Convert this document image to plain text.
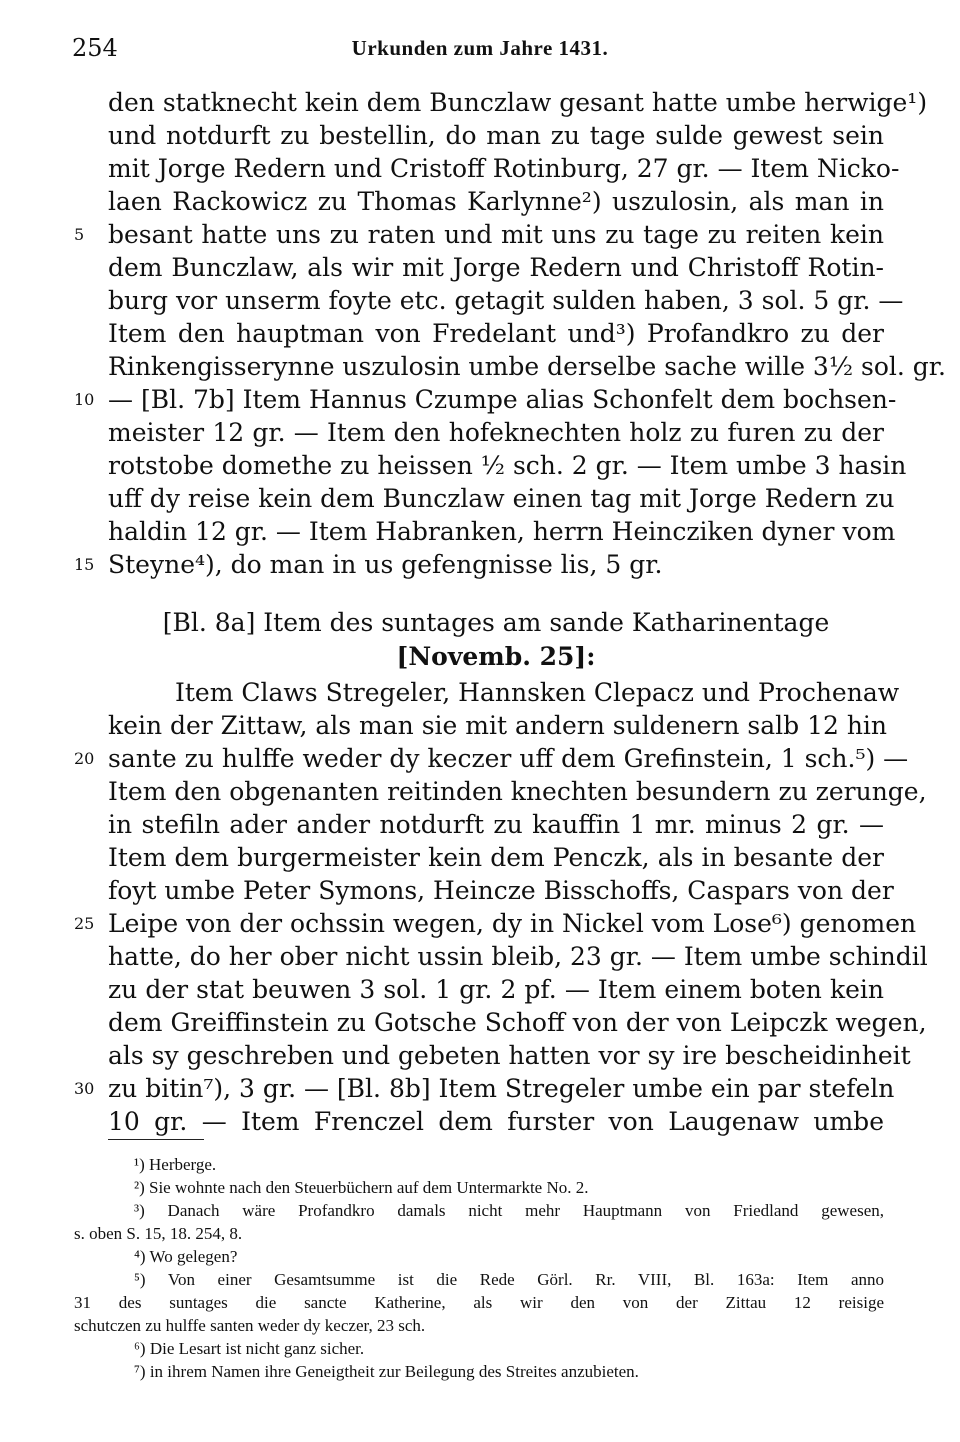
254	Urkunden zum Jahre 1431.
den statknecht kein dem Bunczlaw gesant hatte umbe herwige¹)
und notdurft zu bestellin, do man zu tage sulde gewest sein
mit Jorge Redern und Cristoff Rotinburg, 27 gr. — Item Nicko-
laen Rackowicz zu Thomas Karlynne²) uszulosin, als man in
besant hatte uns zu raten und mit uns zu tage zu reiten kein
dem Bunczlaw, als wir mit Jorge Redern und Christoff Rotin-
burg vor unserm foyte etc. getagit sulden haben, 3 sol. 5 gr. —
Item den hauptman von Fredelant und³) Profandkro zu der
Rinkengisserynne uszulosin umbe derselbe sache wille 3½ sol. gr.
— [Bl. 7b] Item Hannus Czumpe alias Schonfelt dem bochsen-
meister 12 gr. — Item den hofeknechten holz zu furen zu der
rotstobe domethe zu heissen ½ sch. 2 gr. — Item umbe 3 hasin
uff dy reise kein dem Bunczlaw einen tag mit Jorge Redern zu
haldin 12 gr. — Item Habranken, herrn Heincziken dyner vom
Steyne⁴), do man in us gefengnisse lis, 5 gr.
[Bl. 8a] Item des suntages am sande Katharinentage
[Novemb. 25]:
Item Claws Stregeler, Hannsken Clepacz und Prochenaw
kein der Zittaw, als man sie mit andern suldenern salb 12 hin
sante zu hulffe weder dy keczer uff dem Grefinstein, 1 sch.⁵) —
Item den obgenanten reitinden knechten besundern zu zerunge,
in stefiln ader ander notdurft zu kauffin 1 mr. minus 2 gr. —
Item dem burgermeister kein dem Penczk, als in besante der
foyt umbe Peter Symons, Heincze Bisschoffs, Caspars von der
Leipe von der ochssin wegen, dy in Nickel vom Lose⁶) genomen
hatte, do her ober nicht ussin bleib, 23 gr. — Item umbe schindil
zu der stat beuwen 3 sol. 1 gr. 2 pf. — Item einem boten kein
dem Greiffinstein zu Gotsche Schoff von der von Leipczk wegen,
als sy geschreben und gebeten hatten vor sy ire bescheidinheit
zu bitin⁷), 3 gr. — [Bl. 8b] Item Stregeler umbe ein par stefeln
10 gr. — Item Frenczel dem furster von Laugenaw umbe
5
10
15
20
25
30
¹) Herberge.
²) Sie wohnte nach den Steuerbüchern auf dem Untermarkte No. 2.
³) Danach wäre Profandkro damals nicht mehr Hauptmann von Friedland gewesen,
s. oben S. 15, 18. 254, 8.
⁴) Wo gelegen?
⁵) Von einer Gesamtsumme ist die Rede Görl. Rr. VIII, Bl. 163a: Item anno
31 des suntages die sancte Katherine, als wir den von der Zittau 12 reisige
schutczen zu hulffe santen weder dy keczer, 23 sch.
⁶) Die Lesart ist nicht ganz sicher.
⁷) in ihrem Namen ihre Geneigtheit zur Beilegung des Streites anzubieten.
